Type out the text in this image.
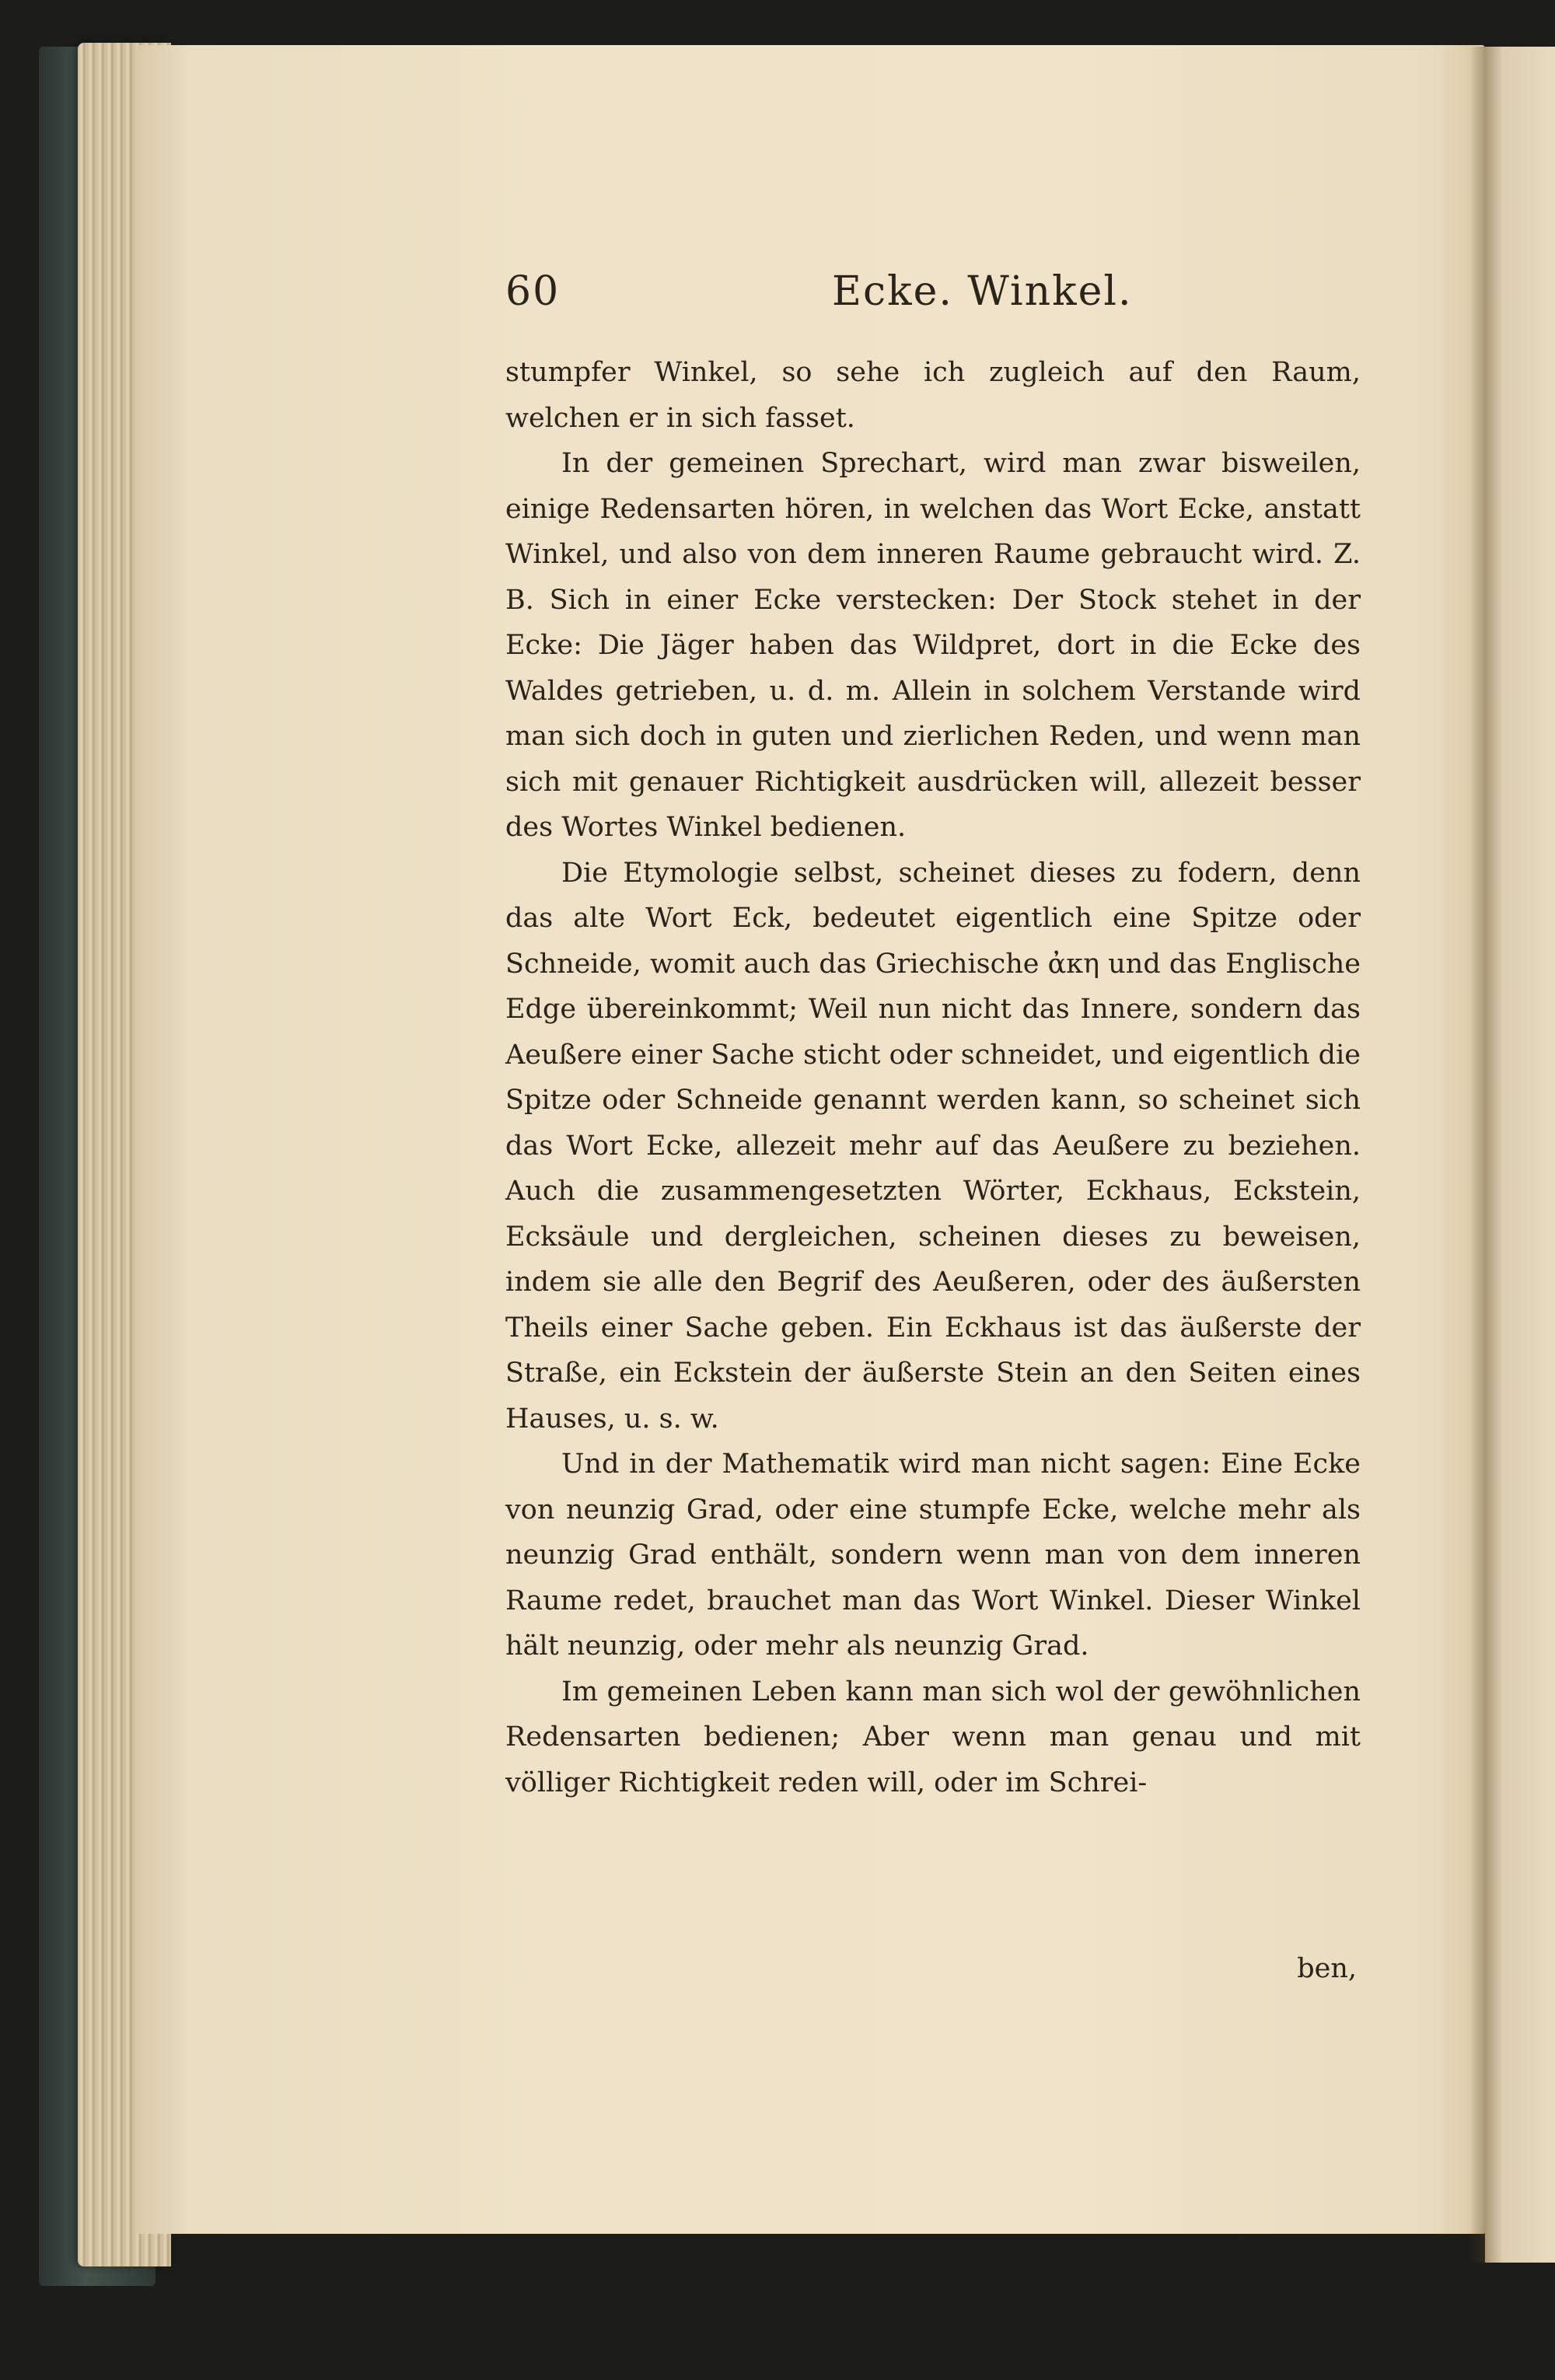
60	Ecke. Winkel.

stumpfer Winkel, so sehe ich zugleich auf den Raum, welchen er in sich fasset.

In der gemeinen Sprechart, wird man zwar bisweilen, einige Redensarten hören, in welchen das Wort Ecke, anstatt Winkel, und also von dem inneren Raume gebraucht wird. Z. B. Sich in einer Ecke verstecken: Der Stock stehet in der Ecke: Die Jäger haben das Wildpret, dort in die Ecke des Waldes getrieben, u. d. m. Allein in solchem Verstande wird man sich doch in guten und zierlichen Reden, und wenn man sich mit genauer Richtigkeit ausdrücken will, allezeit besser des Wortes Winkel bedienen.

Die Etymologie selbst, scheinet dieses zu fodern, denn das alte Wort Eck, bedeutet eigentlich eine Spitze oder Schneide, womit auch das Griechische ἀκη und das Englische Edge übereinkommt; Weil nun nicht das Innere, sondern das Aeußere einer Sache sticht oder schneidet, und eigentlich die Spitze oder Schneide genannt werden kann, so scheinet sich das Wort Ecke, allezeit mehr auf das Aeußere zu beziehen. Auch die zusammengesetzten Wörter, Eckhaus, Eckstein, Ecksäule und dergleichen, scheinen dieses zu beweisen, indem sie alle den Begrif des Aeußeren, oder des äußersten Theils einer Sache geben. Ein Eckhaus ist das äußerste der Straße, ein Eckstein der äußerste Stein an den Seiten eines Hauses, u. s. w.

Und in der Mathematik wird man nicht sagen: Eine Ecke von neunzig Grad, oder eine stumpfe Ecke, welche mehr als neunzig Grad enthält, sondern wenn man von dem inneren Raume redet, brauchet man das Wort Winkel. Dieser Winkel hält neunzig, oder mehr als neunzig Grad.

Im gemeinen Leben kann man sich wol der gewöhnlichen Redensarten bedienen; Aber wenn man genau und mit völliger Richtigkeit reden will, oder im Schrei-

ben,
